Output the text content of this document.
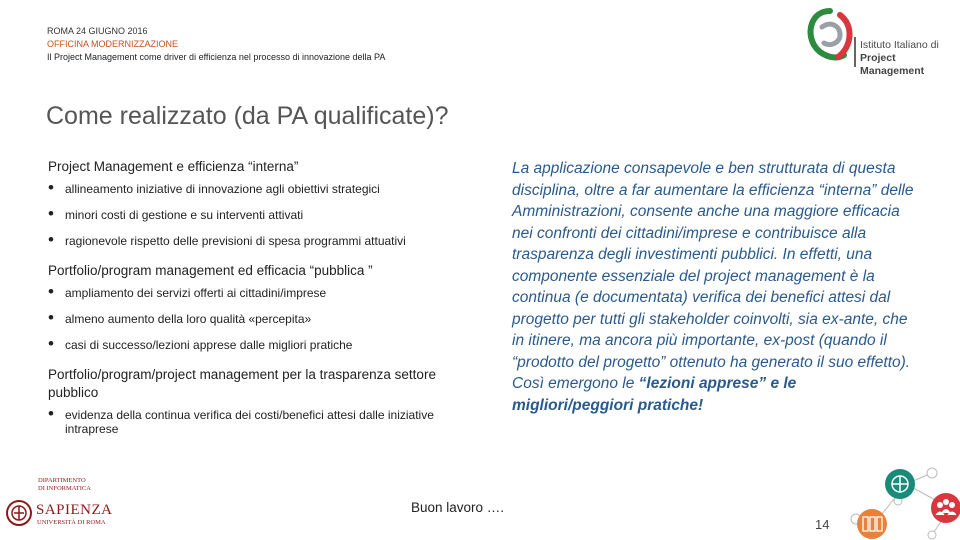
ROMA 24 GIUGNO 2016
OFFICINA MODERNIZZAZIONE
Il Project Management come driver di efficienza nel processo di innovazione della PA
Istituto Italiano di
Project Management
Come realizzato (da PA qualificate)?

Project Management e efficienza “interna”

• allineamento iniziative di innovazione agli obiettivi strategici
• minori costi di gestione e su interventi attivati
• ragionevole rispetto delle previsioni di spesa programmi attuativi

Portfolio/program management ed efficacia “pubblica ”

• ampliamento dei servizi offerti ai cittadini/imprese
• almeno aumento della loro qualità «percepita»
• casi di successo/lezioni apprese dalle migliori pratiche

Portfolio/program/project management per la trasparenza settore pubblico

• evidenza della continua verifica dei costi/benefici attesi dalle iniziative intraprese
La applicazione consapevole e ben strutturata di questa disciplina, oltre a far aumentare la efficienza “interna” delle Amministrazioni, consente anche una maggiore efficacia nei confronti dei cittadini/imprese e contribuisce alla trasparenza degli investimenti pubblici. In effetti, una componente essenziale del project management è la continua (e documentata) verifica dei benefici attesi dal progetto per tutti gli stakeholder coinvolti, sia ex-ante, che in itinere, ma ancora più importante, ex-post (quando il “prodotto del progetto” ottenuto ha generato il suo effetto). Così emergono le “lezioni apprese” e le migliori/peggiori pratiche!
DIPARTIMENTO
DI INFORMATICA
SAPIENZA
UNIVERSITÀ DI ROMA
Buon lavoro ….
14
